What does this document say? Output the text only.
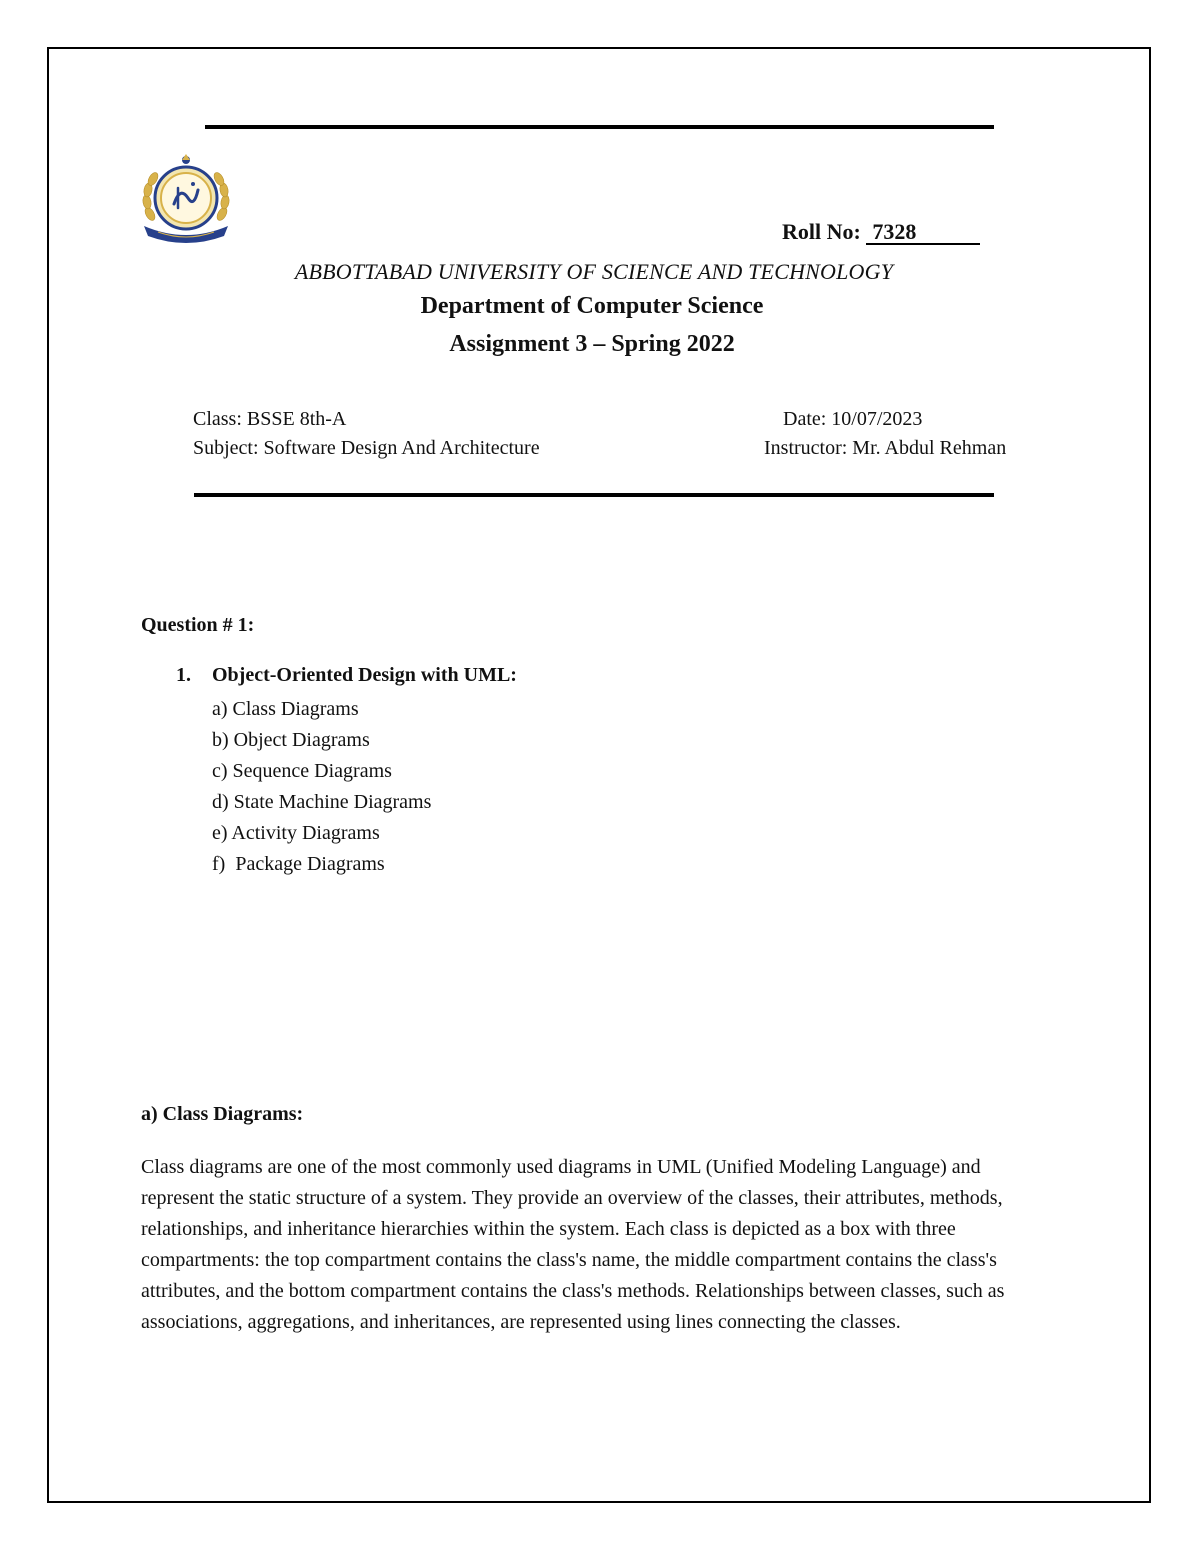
Roll No: 7328
ABBOTTABAD UNIVERSITY OF SCIENCE AND TECHNOLOGY
Department of Computer Science
Assignment 3 – Spring 2022
Class: BSSE 8th-A
Subject: Software Design And Architecture
Date: 10/07/2023
Instructor: Mr. Abdul Rehman
Question # 1:
1. Object-Oriented Design with UML:
a) Class Diagrams
b) Object Diagrams
c) Sequence Diagrams
d) State Machine Diagrams
e) Activity Diagrams
f)  Package Diagrams
a) Class Diagrams:

Class diagrams are one of the most commonly used diagrams in UML (Unified Modeling Language) and represent the static structure of a system. They provide an overview of the classes, their attributes, methods, relationships, and inheritance hierarchies within the system. Each class is depicted as a box with three compartments: the top compartment contains the class's name, the middle compartment contains the class's attributes, and the bottom compartment contains the class's methods. Relationships between classes, such as associations, aggregations, and inheritances, are represented using lines connecting the classes.
